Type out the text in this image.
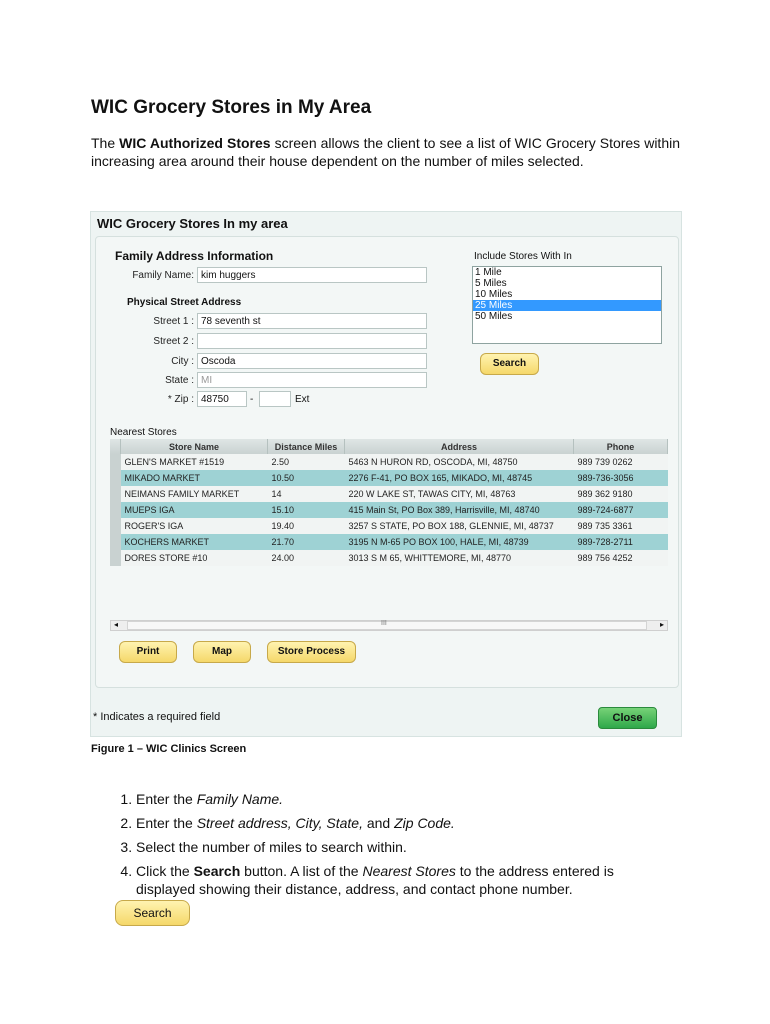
WIC Grocery Stores in My Area

The WIC Authorized Stores screen allows the client to see a list of WIC Grocery Stores within increasing area around their house dependent on the number of miles selected.

WIC Grocery Stores In my area
Family Address Information
Family Name: kim huggers
Physical Street Address
Street 1 : 78 seventh st
Street 2 :
City : Oscoda
State : MI
* Zip : 48750	-	Ext
Include Stores With In
1 Mile
5 Miles
10 Miles
25 Miles
50 Miles
Search
Nearest Stores
	Store Name	Distance Miles	Address	Phone
	GLEN'S MARKET #1519	2.50	5463 N HURON RD, OSCODA, MI, 48750	989 739 0262
	MIKADO MARKET	10.50	2276 F-41, PO BOX 165, MIKADO, MI, 48745	989-736-3056
	NEIMANS FAMILY MARKET	14	220 W LAKE ST, TAWAS CITY, MI, 48763	989 362 9180
	MUEPS IGA	15.10	415 Main St, PO Box 389, Harrisville, MI, 48740	989-724-6877
	ROGER'S IGA	19.40	3257 S STATE, PO BOX 188, GLENNIE, MI, 48737	989 735 3361
	KOCHERS MARKET	21.70	3195 N M-65 PO BOX 100, HALE, MI, 48739	989-728-2711
	DORES STORE #10	24.00	3013 S M 65, WHITTEMORE, MI, 48770	989 756 4252
◂	III	▸
Print	Map	Store Process
* Indicates a required field	Close
Figure 1 – WIC Clinics Screen
1. Enter the Family Name.
2. Enter the Street address, City, State, and Zip Code.
3. Select the number of miles to search within.
4. Click the Search button. A list of the Nearest Stores to the address entered is displayed showing their distance, address, and contact phone number.
Search
